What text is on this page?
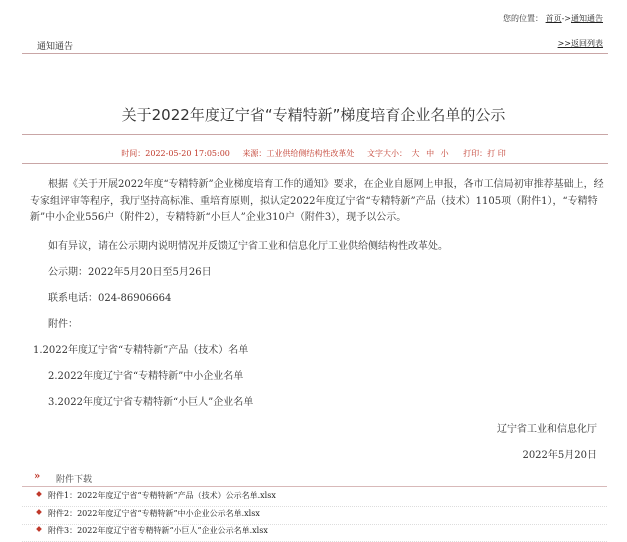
您的位置： 首页->通知通告
通知通告	>>返回列表
关于2022年度辽宁省“专精特新”梯度培育企业名单的公示
时间：2022-05-20 17:05:00 来源：工业供给侧结构性改革处 文字大小： 大 中 小 打印：打 印
根据《关于开展2022年度“专精特新”企业梯度培育工作的通知》要求，在企业自愿网上申报，各市工信局初审推荐基础上，经专家组评审等程序，我厅坚持高标准、重培育原则，拟认定2022年度辽宁省“专精特新”产品（技术）1105项（附件1），“专精特新”中小企业556户（附件2），专精特新“小巨人”企业310户（附件3），现予以公示。
如有异议，请在公示期内说明情况并反馈辽宁省工业和信息化厅工业供给侧结构性改革处。
公示期：2022年5月20日至5月26日
联系电话：024-86906664
附件：
1.2022年度辽宁省“专精特新”产品（技术）名单
2.2022年度辽宁省“专精特新”中小企业名单
3.2022年度辽宁省专精特新“小巨人”企业名单
辽宁省工业和信息化厅
2022年5月20日
» 附件下载
附件1：2022年度辽宁省“专精特新”产品（技术）公示名单.xlsx
附件2：2022年度辽宁省“专精特新”中小企业公示名单.xlsx
附件3：2022年度辽宁省专精特新“小巨人”企业公示名单.xlsx
